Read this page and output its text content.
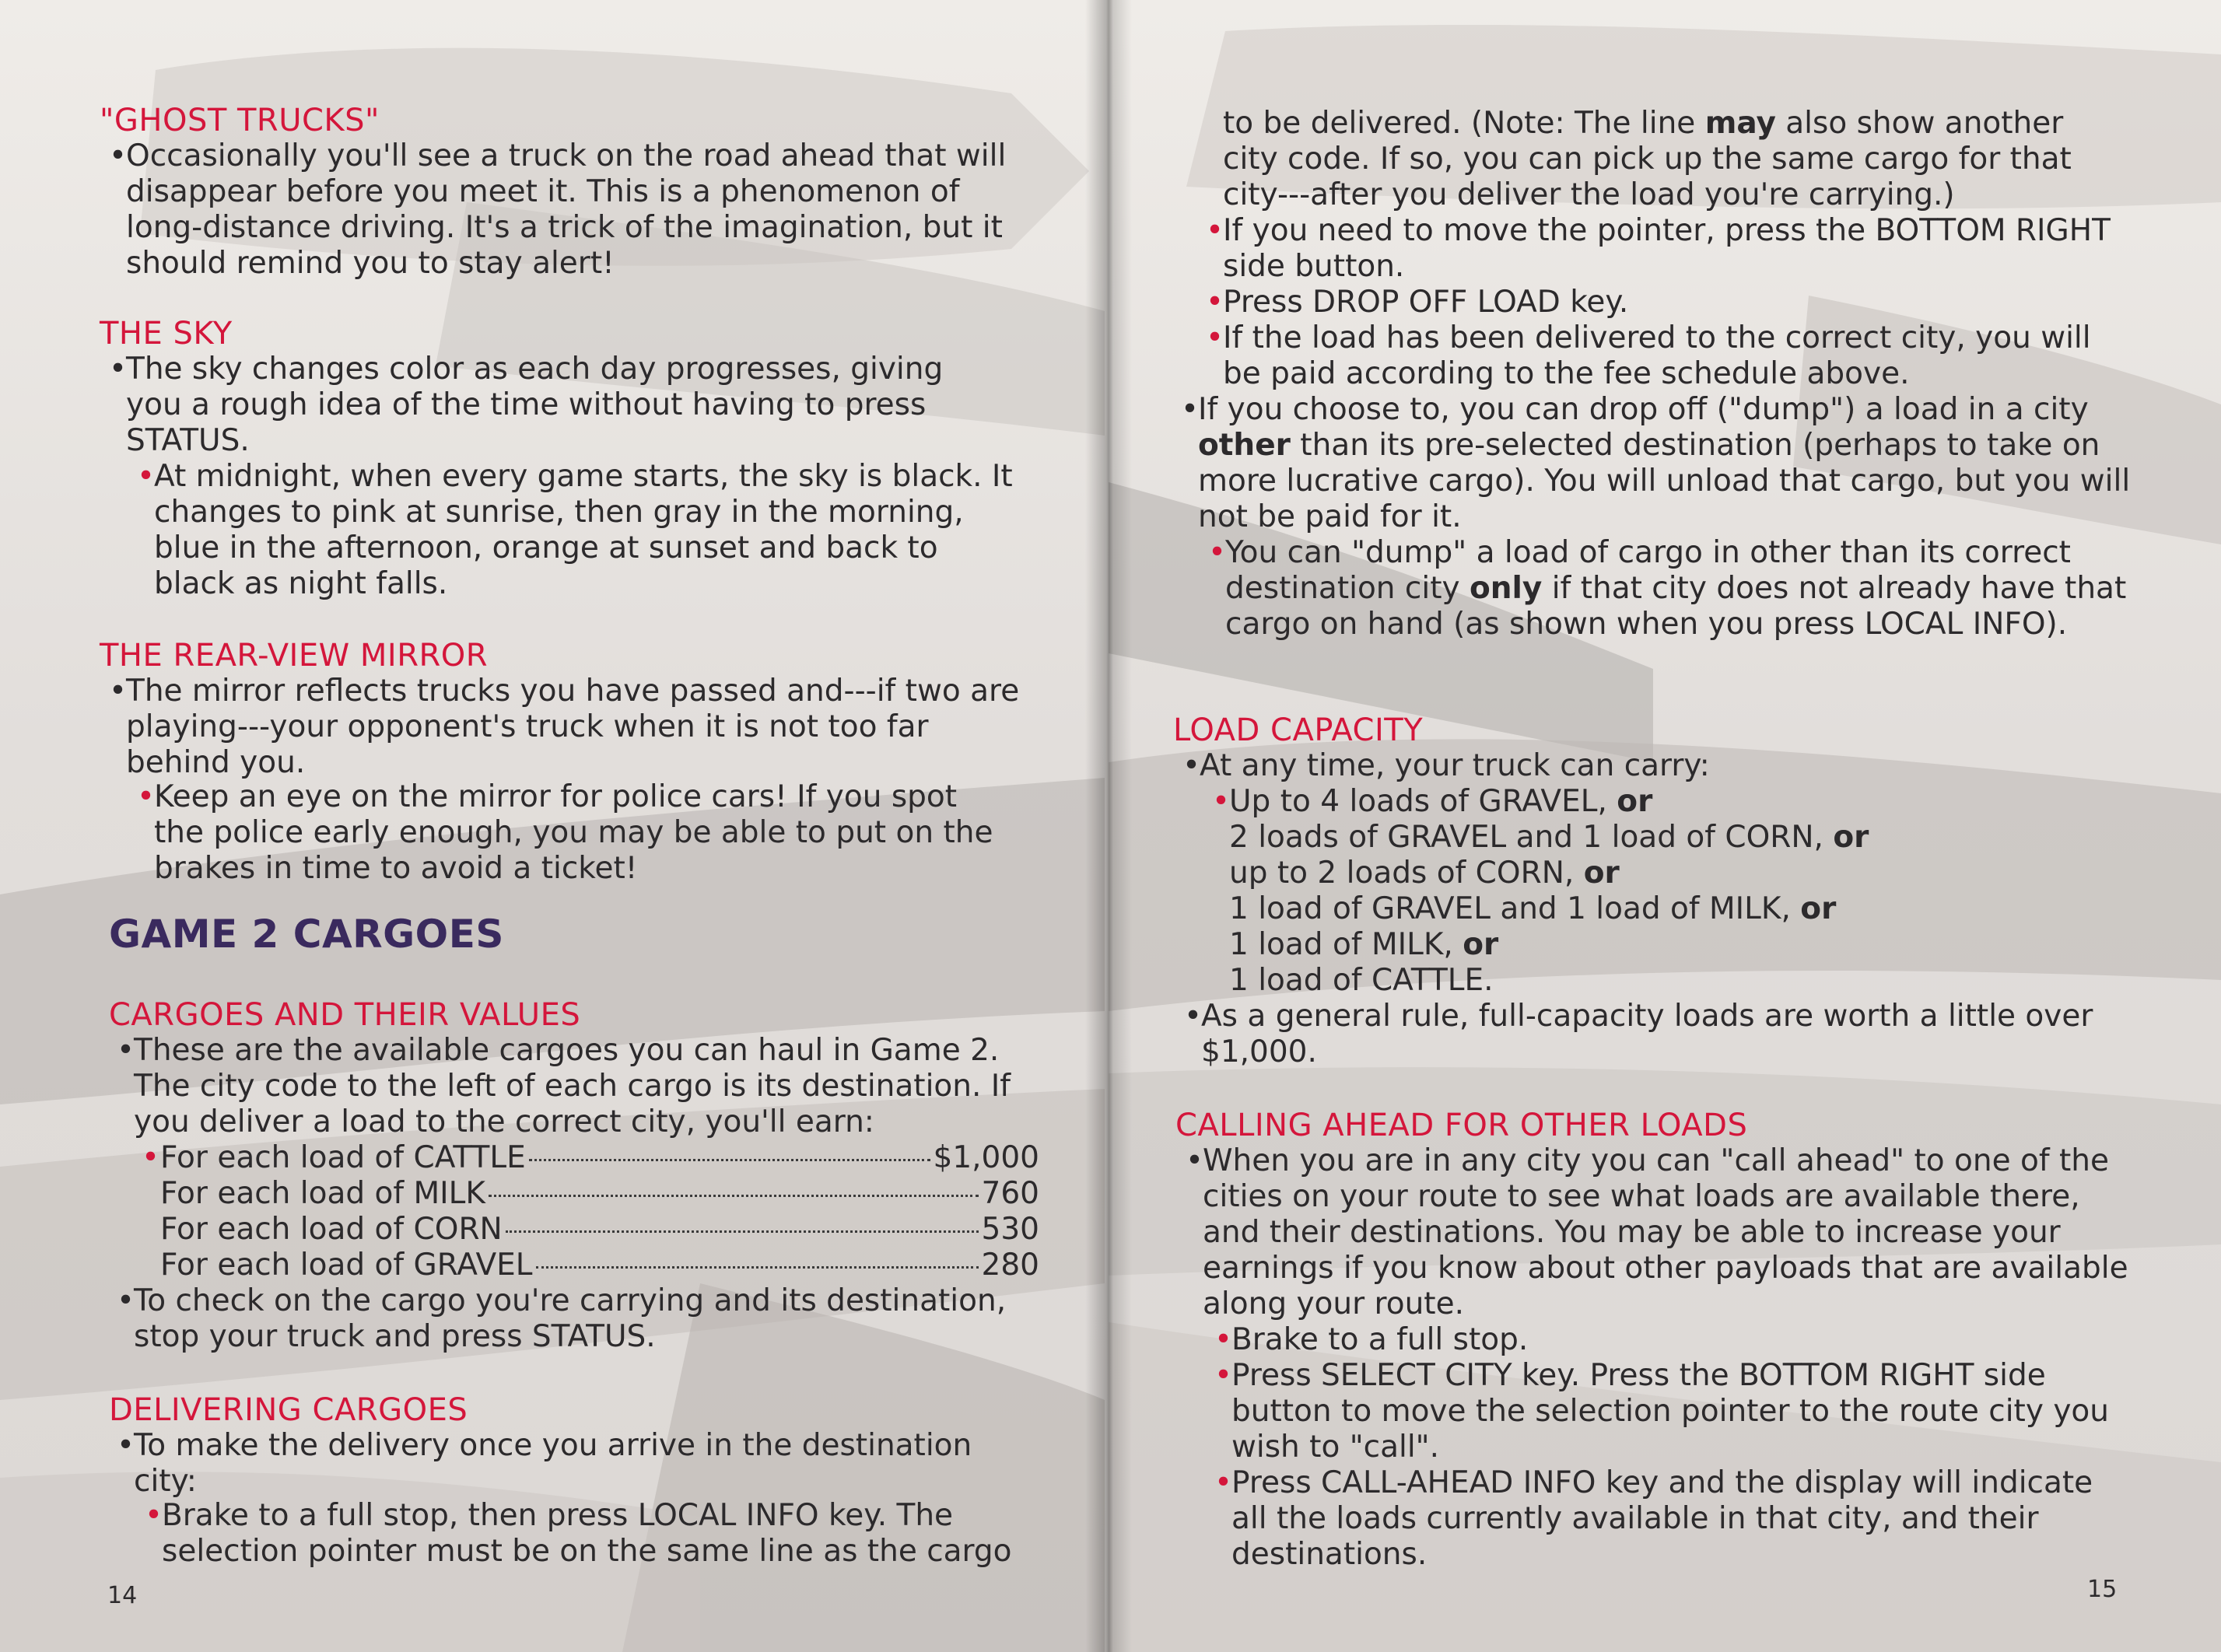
"GHOST TRUCKS"

•Occasionally you'll see a truck on the road ahead that will disappear before you meet it. This is a phenomenon of long-distance driving. It's a trick of the imagination, but it should remind you to stay alert!

THE SKY

•The sky changes color as each day progresses, giving you a rough idea of the time without having to press STATUS.

•At midnight, when every game starts, the sky is black. It changes to pink at sunrise, then gray in the morning, blue in the afternoon, orange at sunset and back to black as night falls.

THE REAR-VIEW MIRROR

•The mirror reflects trucks you have passed and---if two are playing---your opponent's truck when it is not too far behind you.

•Keep an eye on the mirror for police cars! If you spot the police early enough, you may be able to put on the brakes in time to avoid a ticket!

GAME 2 CARGOES
CARGOES AND THEIR VALUES

•These are the available cargoes you can haul in Game 2. The city code to the left of each cargo is its destination. If you deliver a load to the correct city, you'll earn:

•For each load of CATTLE	$1,000
For each load of MILK	760
For each load of CORN	530
For each load of GRAVEL	280

•To check on the cargo you're carrying and its destination, stop your truck and press STATUS.

DELIVERING CARGOES

•To make the delivery once you arrive in the destination city:

•Brake to a full stop, then press LOCAL INFO key. The selection pointer must be on the same line as the cargo

14

to be delivered. (Note: The line may also show another city code. If so, you can pick up the same cargo for that city---after you deliver the load you're carrying.)

•If you need to move the pointer, press the BOTTOM RIGHT side button.

•Press DROP OFF LOAD key.

•If the load has been delivered to the correct city, you will be paid according to the fee schedule above.

•If you choose to, you can drop off ("dump") a load in a city other than its pre-selected destination (perhaps to take on more lucrative cargo). You will unload that cargo, but you will not be paid for it.

•You can "dump" a load of cargo in other than its correct destination city only if that city does not already have that cargo on hand (as shown when you press LOCAL INFO).

LOAD CAPACITY

•At any time, your truck can carry:

•Up to 4 loads of GRAVEL, or

2 loads of GRAVEL and 1 load of CORN, or

up to 2 loads of CORN, or

1 load of GRAVEL and 1 load of MILK, or

1 load of MILK, or

1 load of CATTLE.

•As a general rule, full-capacity loads are worth a little over $1,000.

CALLING AHEAD FOR OTHER LOADS

•When you are in any city you can "call ahead" to one of the cities on your route to see what loads are available there, and their destinations. You may be able to increase your earnings if you know about other payloads that are available along your route.

•Brake to a full stop.

•Press SELECT CITY key. Press the BOTTOM RIGHT side button to move the selection pointer to the route city you wish to "call".

•Press CALL-AHEAD INFO key and the display will indicate all the loads currently available in that city, and their destinations.

15
